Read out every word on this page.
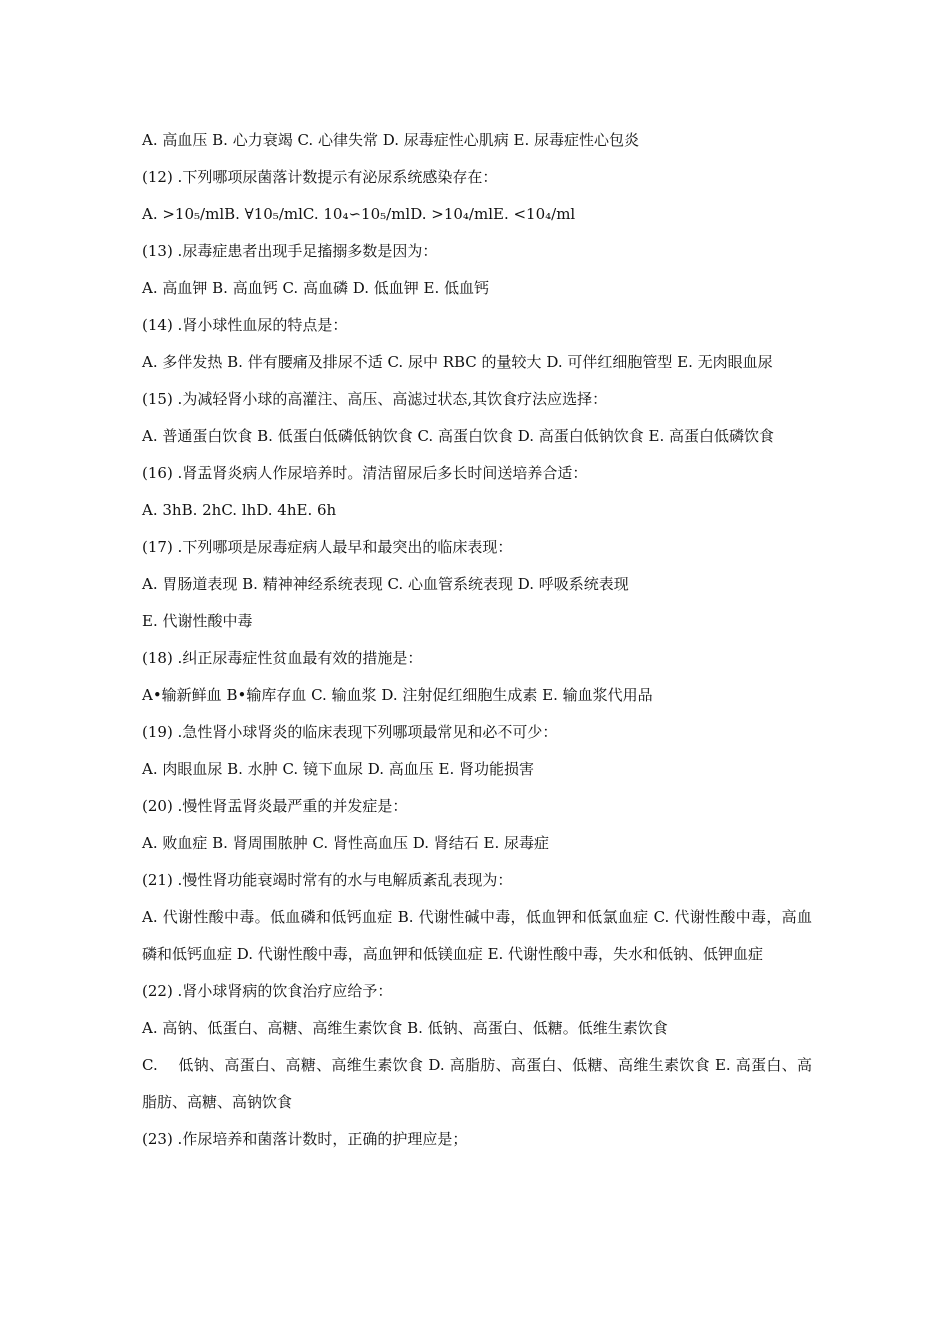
A. 高血压 B. 心力衰竭 C. 心律失常 D. 尿毒症性心肌病 E. 尿毒症性心包炎

(12) .下列哪项尿菌落计数提示有泌尿系统感染存在：

A. >10₅/mlB. ∀10₅/mlC. 10₄∽10₅/mlD. >10₄/mlE. <10₄/ml

(13) .尿毒症患者出现手足搐搦多数是因为：

A. 高血钾 B. 高血钙 C. 高血磷 D. 低血钾 E. 低血钙

(14) .肾小球性血尿的特点是：

A. 多伴发热 B. 伴有腰痛及排尿不适 C. 尿中 RBC 的量较大 D. 可伴红细胞管型 E. 无肉眼血尿

(15) .为减轻肾小球的高灌注、高压、高滤过状态,其饮食疗法应选择：

A. 普通蛋白饮食 B. 低蛋白低磷低钠饮食 C. 高蛋白饮食 D. 高蛋白低钠饮食 E. 高蛋白低磷饮食

(16) .肾盂肾炎病人作尿培养时。清洁留尿后多长时间送培养合适：

A. 3hB. 2hC. lhD. 4hE. 6h

(17) .下列哪项是尿毒症病人最早和最突出的临床表现：

A. 胃肠道表现 B. 精神神经系统表现 C. 心血管系统表现 D. 呼吸系统表现

E. 代谢性酸中毒

(18) .纠正尿毒症性贫血最有效的措施是：

A•输新鲜血 B•输库存血 C. 输血浆 D. 注射促红细胞生成素 E. 输血浆代用品

(19) .急性肾小球肾炎的临床表现下列哪项最常见和必不可少：

A. 肉眼血尿 B. 水肿 C. 镜下血尿 D. 高血压 E. 肾功能损害

(20) .慢性肾盂肾炎最严重的并发症是：

A. 败血症 B. 肾周围脓肿 C. 肾性高血压 D. 肾结石 E. 尿毒症

(21) .慢性肾功能衰竭时常有的水与电解质紊乱表现为：

A. 代谢性酸中毒。低血磷和低钙血症 B. 代谢性碱中毒，低血钾和低氯血症 C. 代谢性酸中毒，高血磷和低钙血症 D. 代谢性酸中毒，高血钾和低镁血症 E. 代谢性酸中毒，失水和低钠、低钾血症

(22) .肾小球肾病的饮食治疗应给予：

A. 高钠、低蛋白、高糖、高维生素饮食 B. 低钠、高蛋白、低糖。低维生素饮食

C.　 低钠、高蛋白、高糖、高维生素饮食 D. 高脂肪、高蛋白、低糖、高维生素饮食 E. 高蛋白、高脂肪、高糖、高钠饮食

(23) .作尿培养和菌落计数时，正确的护理应是；
